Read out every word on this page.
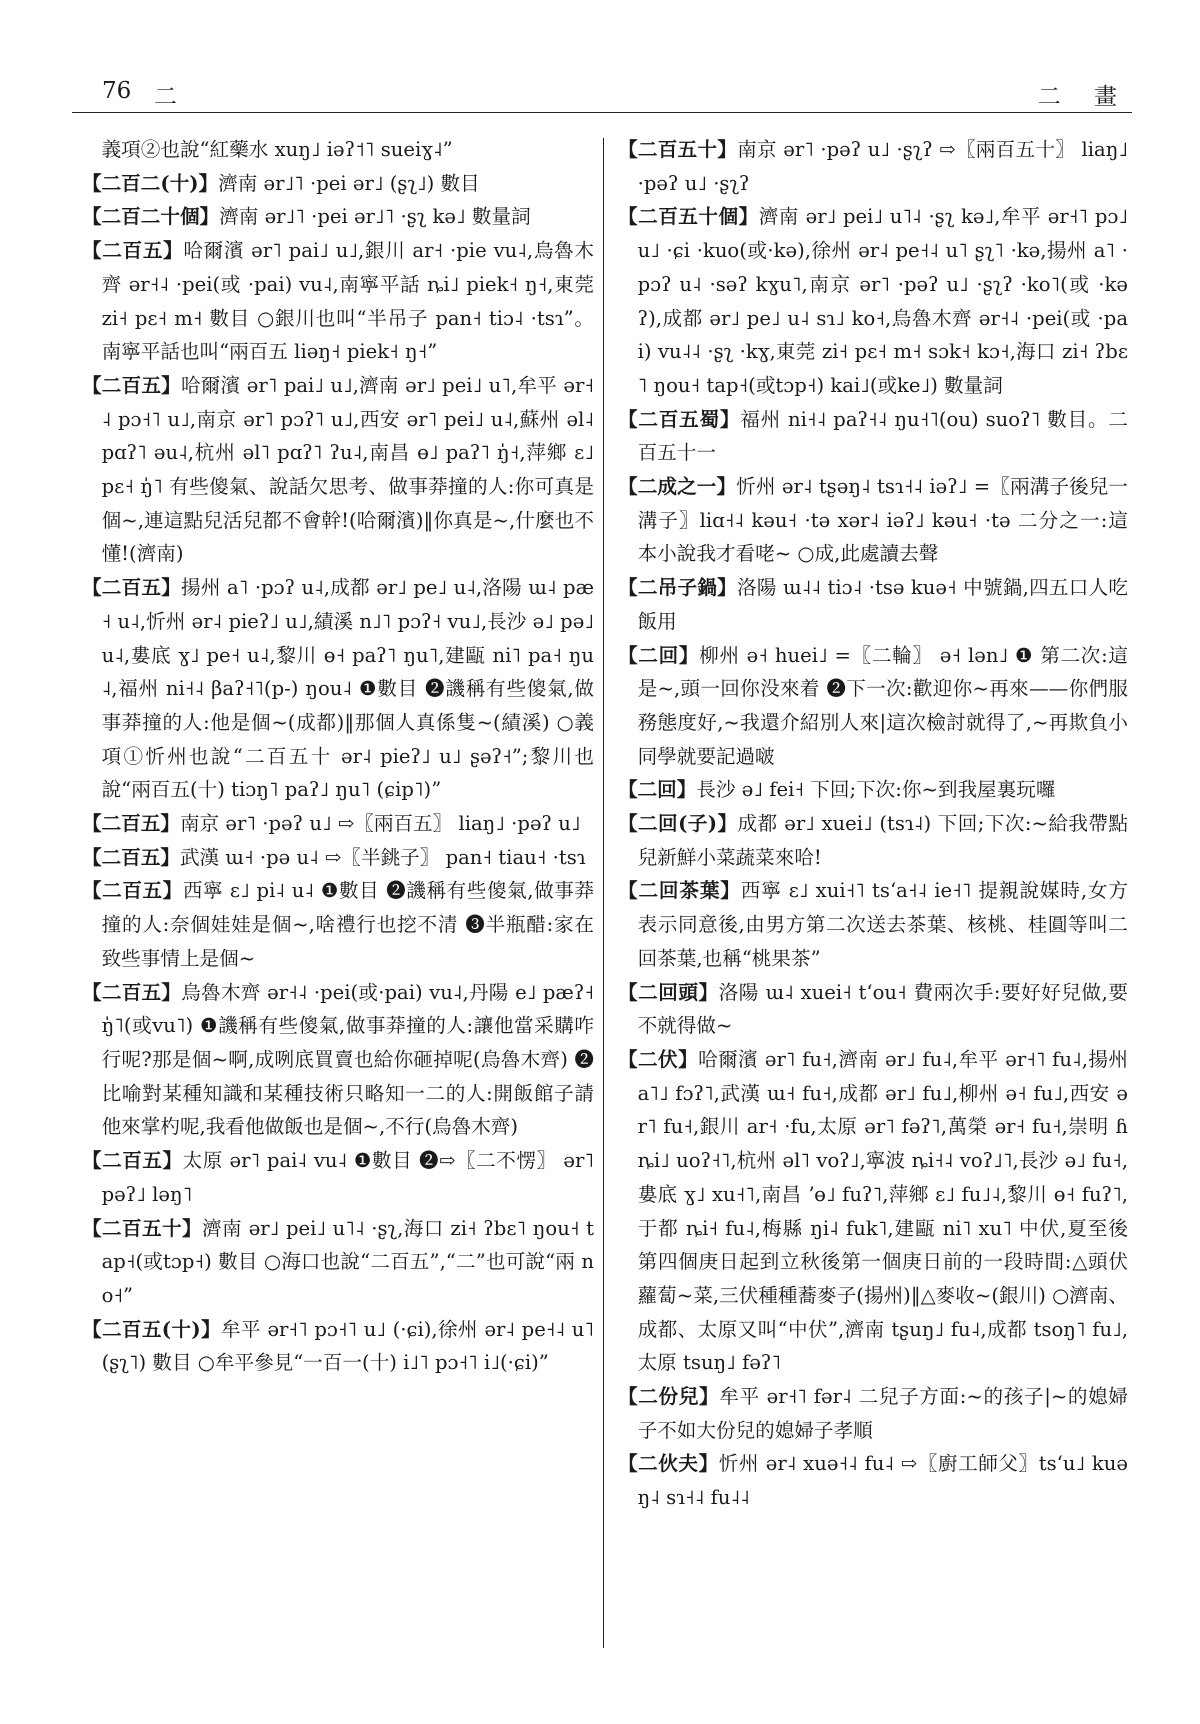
76 二	二 畫
義項②也說“紅藥水 xuŋ˩ iəʔ˦˥ sueiɣ˨”
【二百二(十)】濟南 ər˩˥ ·pei ər˩ (ʂʅ˩) 數目
【二百二十個】濟南 ər˩˥ ·pei ər˩˥ ·ʂʅ kə˩ 數量詞
【二百五】哈爾濱 ər˥ pai˩ u˩,銀川 ar˧ ·pie vu˨,烏魯木齊 ər˧˨ ·pei(或 ·pai) vu˨,南寧平話 ȵi˩ piek˧ ŋ˧,東莞 zi˧ pɛ˧ m˧ 數目 ○銀川也叫“半吊子 pan˧ tiɔ˨ ·tsɿ”。南寧平話也叫“兩百五 liəŋ˧ piek˧ ŋ˧”
【二百五】哈爾濱 ər˥ pai˩ u˩,濟南 ər˩ pei˩ u˥,牟平 ər˧˨ pɔ˧˥ u˩,南京 ər˥ pɔʔ˥ u˩,西安 ər˥ pei˩ u˨,蘇州 əl˨ pɑʔ˥ əu˨,杭州 əl˥ pɑʔ˥ ʔu˨,南昌 ɵ˩ paʔ˥ ŋ̍˧,萍鄉 ɛ˩ pɛ˧ ŋ̍˥ 有些傻氣、說話欠思考、做事莽撞的人:你可真是個~,連這點兒活兒都不會幹!(哈爾濱)‖你真是~,什麼也不懂!(濟南)
【二百五】揚州 a˥ ·pɔʔ u˨,成都 ər˩ pe˩ u˨,洛陽 ɯ˨ pæ˧ u˨,忻州 ər˨ pieʔ˩ u˩,績溪 n˩˥ pɔʔ˧ vu˩,長沙 ə˩ pə˩ u˨,婁底 ɣ˩ pe˧ u˨,黎川 ɵ˧ paʔ˥ ŋu˥,建甌 ni˥ pa˧ ŋu˨,福州 ni˧˨ βaʔ˧˥(p-) ŋou˨ ❶數目 ❷譏稱有些傻氣,做事莽撞的人:他是個~(成都)‖那個人真係隻~(績溪) ○義項①忻州也說“二百五十 ər˨ pieʔ˩ u˩ ʂəʔ˧”;黎川也說“兩百五(十) tiɔŋ˥ paʔ˩ ŋu˥ (ɕip˥)”
【二百五】南京 ər˥ ·pəʔ u˩ ⇨〖兩百五〗 liaŋ˩ ·pəʔ u˩
【二百五】武漢 ɯ˧ ·pə u˨ ⇨〖半銚子〗 pan˧ tiau˧ ·tsɿ
【二百五】西寧 ɛ˩ pi˨ u˨ ❶數目 ❷譏稱有些傻氣,做事莽撞的人:奈個娃娃是個~,啥禮行也挖不清 ❸半瓶醋:家在致些事情上是個~
【二百五】烏魯木齊 ər˧˨ ·pei(或·pai) vu˨,丹陽 e˩ pæʔ˧ ŋ̍˥(或vu˥) ❶譏稱有些傻氣,做事莽撞的人:讓他當采購咋行呢?那是個~啊,成咧底買賣也給你砸掉呢(烏魯木齊) ❷比喻對某種知識和某種技術只略知一二的人:開飯館子請他來掌杓呢,我看他做飯也是個~,不行(烏魯木齊)
【二百五】太原 ər˥ pai˨ vu˨ ❶數目 ❷⇨〖二不愣〗 ər˥ pəʔ˩ ləŋ˥
【二百五十】濟南 ər˩ pei˩ u˥˨ ·ʂʅ,海口 zi˧ ʔbɛ˥ ŋou˧ tap˧(或tɔp˧) 數目 ○海口也說“二百五”,“二”也可說“兩 no˧”
【二百五(十)】牟平 ər˧˥ pɔ˧˥ u˩ (·ɕi),徐州 ər˨ pe˧˨ u˥ (ʂʅ˥) 數目 ○牟平參見“一百一(十) i˩˥ pɔ˧˥ i˩(·ɕi)”
【二百五十】南京 ər˥ ·pəʔ u˩ ·ʂʅʔ ⇨〖兩百五十〗 liaŋ˩ ·pəʔ u˩ ·ʂʅʔ
【二百五十個】濟南 ər˩ pei˩ u˥˨ ·ʂʅ kə˩,牟平 ər˧˥ pɔ˩ u˩ ·ɕi ·kuo(或·kə),徐州 ər˨ pe˧˨ u˥ ʂʅ˥ ·kə,揚州 a˥ ·pɔʔ u˨ ·səʔ kɣu˥,南京 ər˥ ·pəʔ u˩ ·ʂʅʔ ·ko˥(或 ·kəʔ),成都 ər˩ pe˩ u˨ sɿ˩ ko˧,烏魯木齊 ər˧˨ ·pei(或 ·pai) vu˨˨ ·ʂʅ ·kɣ,東莞 zi˧ pɛ˧ m˧ sɔk˧ kɔ˧,海口 zi˧ ʔbɛ˥ ŋou˧ tap˧(或tɔp˧) kai˩(或ke˩) 數量詞
【二百五蜀】福州 ni˧˨ paʔ˧˨ ŋu˧˥(ou) suoʔ˥ 數目。二百五十一
【二成之一】忻州 ər˨ tʂəŋ˨ tsɿ˧˨ iəʔ˩ =〖兩溝子後兒一溝子〗liɑ˧˨ kəu˧ ·tə xər˨ iəʔ˩ kəu˧ ·tə 二分之一:這本小說我才看咾~ ○成,此處讀去聲
【二吊子鍋】洛陽 ɯ˨˨ tiɔ˨ ·tsə kuə˧ 中號鍋,四五口人吃飯用
【二回】柳州 ə˧ huei˩ =〖二輪〗 ə˧ lən˩ ❶ 第二次:這是~,頭一回你没來着 ❷下一次:歡迎你~再來——你們服務態度好,~我還介紹別人來|這次檢討就得了,~再欺負小同學就要記過啵
【二回】長沙 ə˩ fei˧ 下回;下次:你~到我屋裏玩囉
【二回(子)】成都 ər˩ xuei˩ (tsɿ˨) 下回;下次:~給我帶點兒新鮮小菜蔬菜來哈!
【二回茶葉】西寧 ɛ˩ xui˧˥ tsʻa˧˨ ie˧˥ 提親說媒時,女方表示同意後,由男方第二次送去茶葉、核桃、桂圓等叫二回茶葉,也稱“桃果茶”
【二回頭】洛陽 ɯ˨ xuei˧ tʻou˧ 費兩次手:要好好兒做,要不就得做~
【二伏】哈爾濱 ər˥ fu˧,濟南 ər˩ fu˨,牟平 ər˧˥ fu˨,揚州 a˥˩ fɔʔ˥,武漢 ɯ˧ fu˧,成都 ər˩ fu˩,柳州 ə˧ fu˩,西安 ər˥ fu˧,銀川 ar˧ ·fu,太原 ər˥ fəʔ˥,萬榮 ər˧ fu˧,崇明 ɦȵi˩ uoʔ˧˥,杭州 əl˥ voʔ˩,寧波 ȵi˧˨ voʔ˩˥,長沙 ə˩ fu˧,婁底 ɣ˩ xu˧˥,南昌 ʼɵ˩ fuʔ˥,萍鄉 ɛ˩ fu˩˨,黎川 ɵ˧ fuʔ˥,于都 ȵi˧ fu˨,梅縣 ŋi˨ fuk˥,建甌 ni˥ xu˥ 中伏,夏至後第四個庚日起到立秋後第一個庚日前的一段時間:△頭伏蘿蔔~菜,三伏種種蕎麥子(揚州)‖△麥收~(銀川) ○濟南、成都、太原又叫“中伏”,濟南 tʂuŋ˩ fu˨,成都 tsoŋ˥ fu˩,太原 tsuŋ˩ fəʔ˥
【二份兒】牟平 ər˧˥ fər˨ 二兒子方面:~的孩子|~的媳婦子不如大份兒的媳婦子孝順
【二伙夫】忻州 ər˨ xuə˧˨ fu˨ ⇨〖廚工師父〗tsʻu˩ kuəŋ˨ sɿ˧˨ fu˨˨
